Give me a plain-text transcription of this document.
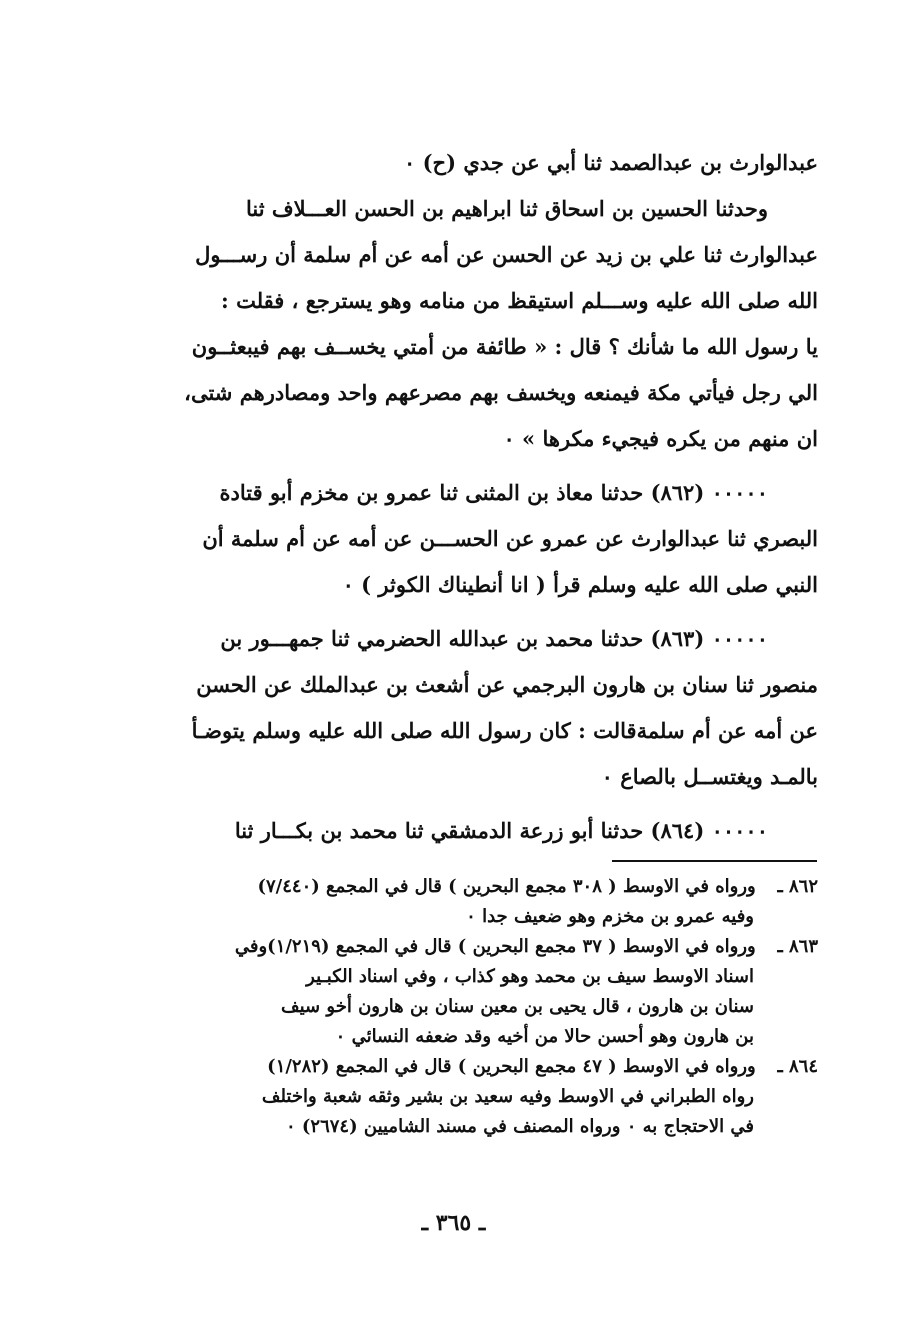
عبدالوارث بن عبدالصمد ثنا أبي عن جدي (ح) ٠
وحدثنا الحسين بن اسحاق ثنا ابراهيم بن الحسن العـــلاف ثنا
عبدالوارث ثنا علي بن زيد عن الحسن عن أمه عن أم سلمة أن رســـول
الله صلى الله عليه وســـلم استيقظ من منامه وهو يسترجع ، فقلت :
يا رسول الله ما شأنك ؟ قال : « طائفة من أمتي يخســف بهم فيبعثــون
الي رجل فيأتي مكة فيمنعه ويخسف بهم مصرعهم واحد ومصادرهم شتى،
ان منهم من يكره فيجيء مكرها » ٠
٠٠٠٠٠ (٨٦٢) حدثنا معاذ بن المثنى ثنا عمرو بن مخزم أبو قتادة
البصري ثنا عبدالوارث عن عمرو عن الحســـن عن أمه عن أم سلمة أن
النبي صلى الله عليه وسلم قرأ ( انا أنطيناك الكوثر ) ٠
٠٠٠٠٠ (٨٦٣) حدثنا محمد بن عبدالله الحضرمي ثنا جمهـــور بن
منصور ثنا سنان بن هارون البرجمي عن أشعث بن عبدالملك عن الحسن
عن أمه عن أم سلمةقالت : كان رسول الله صلى الله عليه وسلم يتوضـأ
بالمـد ويغتســل بالصاع ٠
٠٠٠٠٠ (٨٦٤) حدثنا أبو زرعة الدمشقي ثنا محمد بن بكـــار ثنا
٨٦٢ ـ ورواه في الاوسط ( ٣٠٨ مجمع البحرين ) قال في المجمع (٧/٤٤٠)
وفيه عمرو بن مخزم وهو ضعيف جدا ٠
٨٦٣ ـ ورواه في الاوسط ( ٣٧ مجمع البحرين ) قال في المجمع (١/٢١٩)وفي
اسناد الاوسط سيف بن محمد وهو كذاب ، وفي اسناد الكبـير
سنان بن هارون ، قال يحيى بن معين سنان بن هارون أخو سيف
بن هارون وهو أحسن حالا من أخيه وقد ضعفه النسائي ٠
٨٦٤ ـ ورواه في الاوسط ( ٤٧ مجمع البحرين ) قال في المجمع (١/٢٨٢)
رواه الطبراني في الاوسط وفيه سعيد بن بشير وثقه شعبة واختلف
في الاحتجاج به ٠ ورواه المصنف في مسند الشاميين (٢٦٧٤) ٠
ـ ٣٦٥ ـ
